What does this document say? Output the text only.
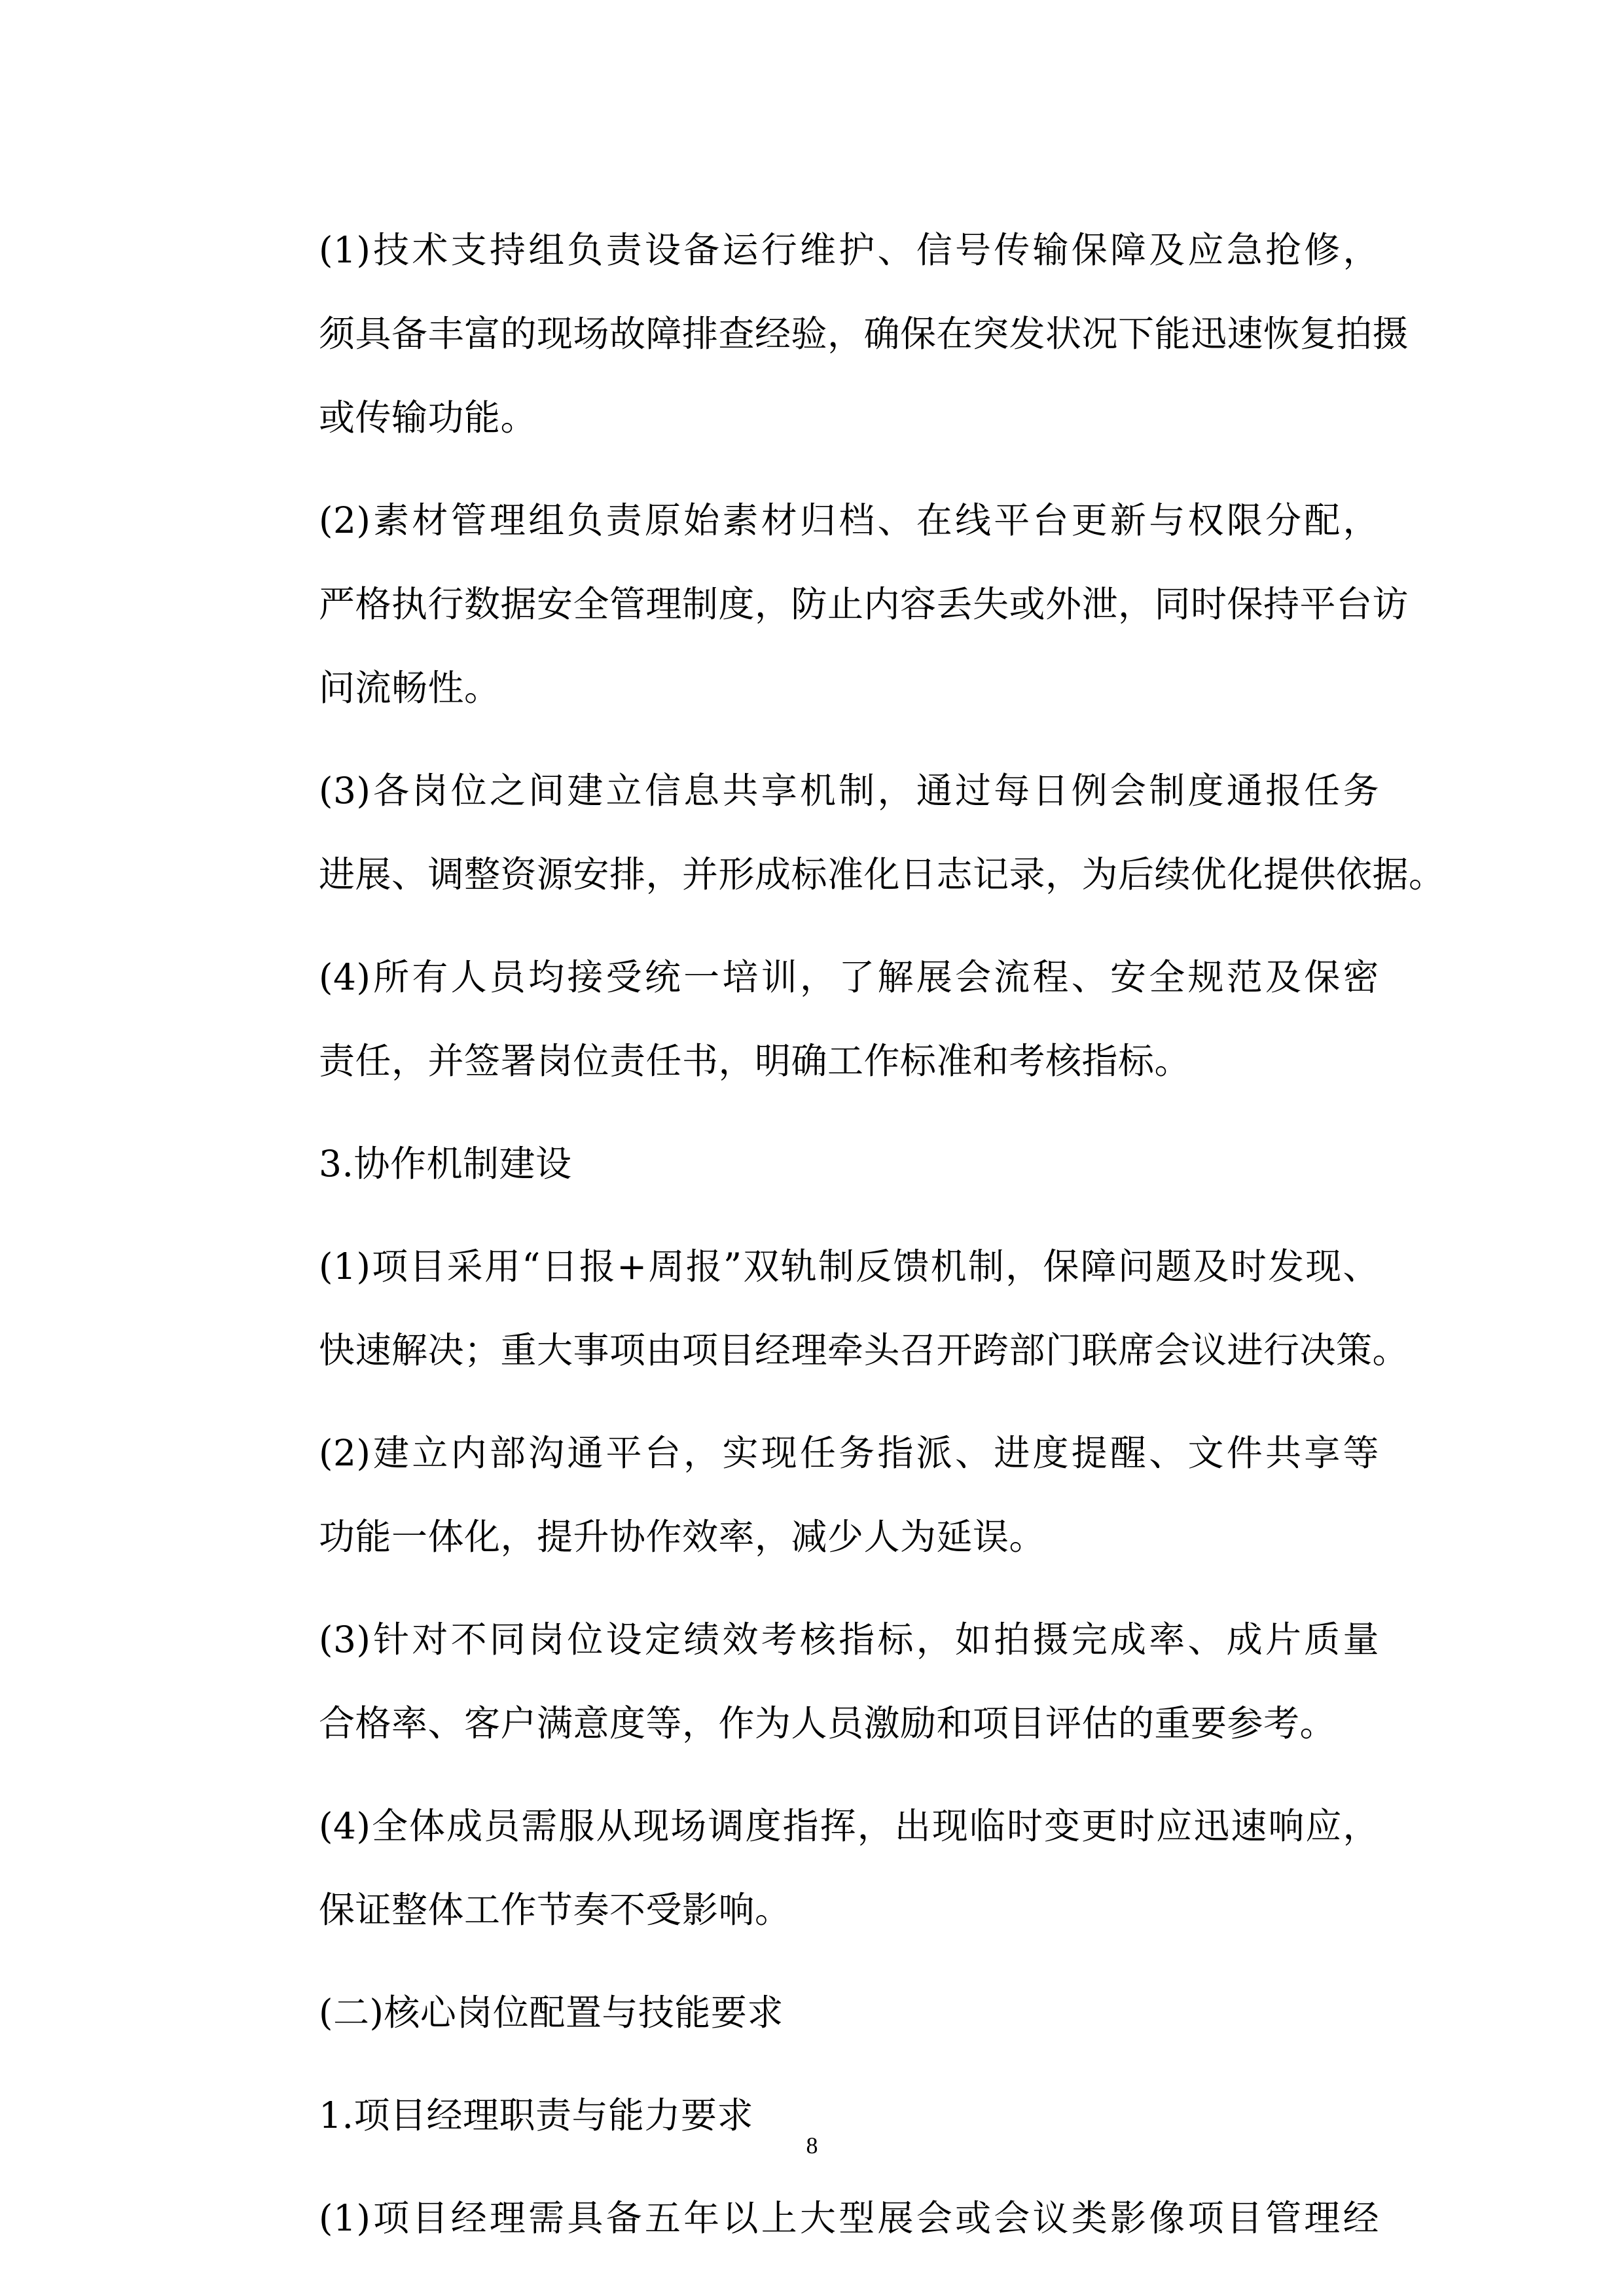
(1)技术支持组负责设备运行维护、信号传输保障及应急抢修，
须具备丰富的现场故障排查经验，确保在突发状况下能迅速恢复拍摄
或传输功能。

(2)素材管理组负责原始素材归档、在线平台更新与权限分配，
严格执行数据安全管理制度，防止内容丢失或外泄，同时保持平台访
问流畅性。

(3)各岗位之间建立信息共享机制，通过每日例会制度通报任务
进展、调整资源安排，并形成标准化日志记录，为后续优化提供依据。

(4)所有人员均接受统一培训，了解展会流程、安全规范及保密
责任，并签署岗位责任书，明确工作标准和考核指标。

3.协作机制建设

(1)项目采用“日报+周报”双轨制反馈机制，保障问题及时发现、
快速解决；重大事项由项目经理牵头召开跨部门联席会议进行决策。

(2)建立内部沟通平台，实现任务指派、进度提醒、文件共享等
功能一体化，提升协作效率，减少人为延误。

(3)针对不同岗位设定绩效考核指标，如拍摄完成率、成片质量
合格率、客户满意度等，作为人员激励和项目评估的重要参考。

(4)全体成员需服从现场调度指挥，出现临时变更时应迅速响应，
保证整体工作节奏不受影响。

(二)核心岗位配置与技能要求

1.项目经理职责与能力要求

(1)项目经理需具备五年以上大型展会或会议类影像项目管理经

8
